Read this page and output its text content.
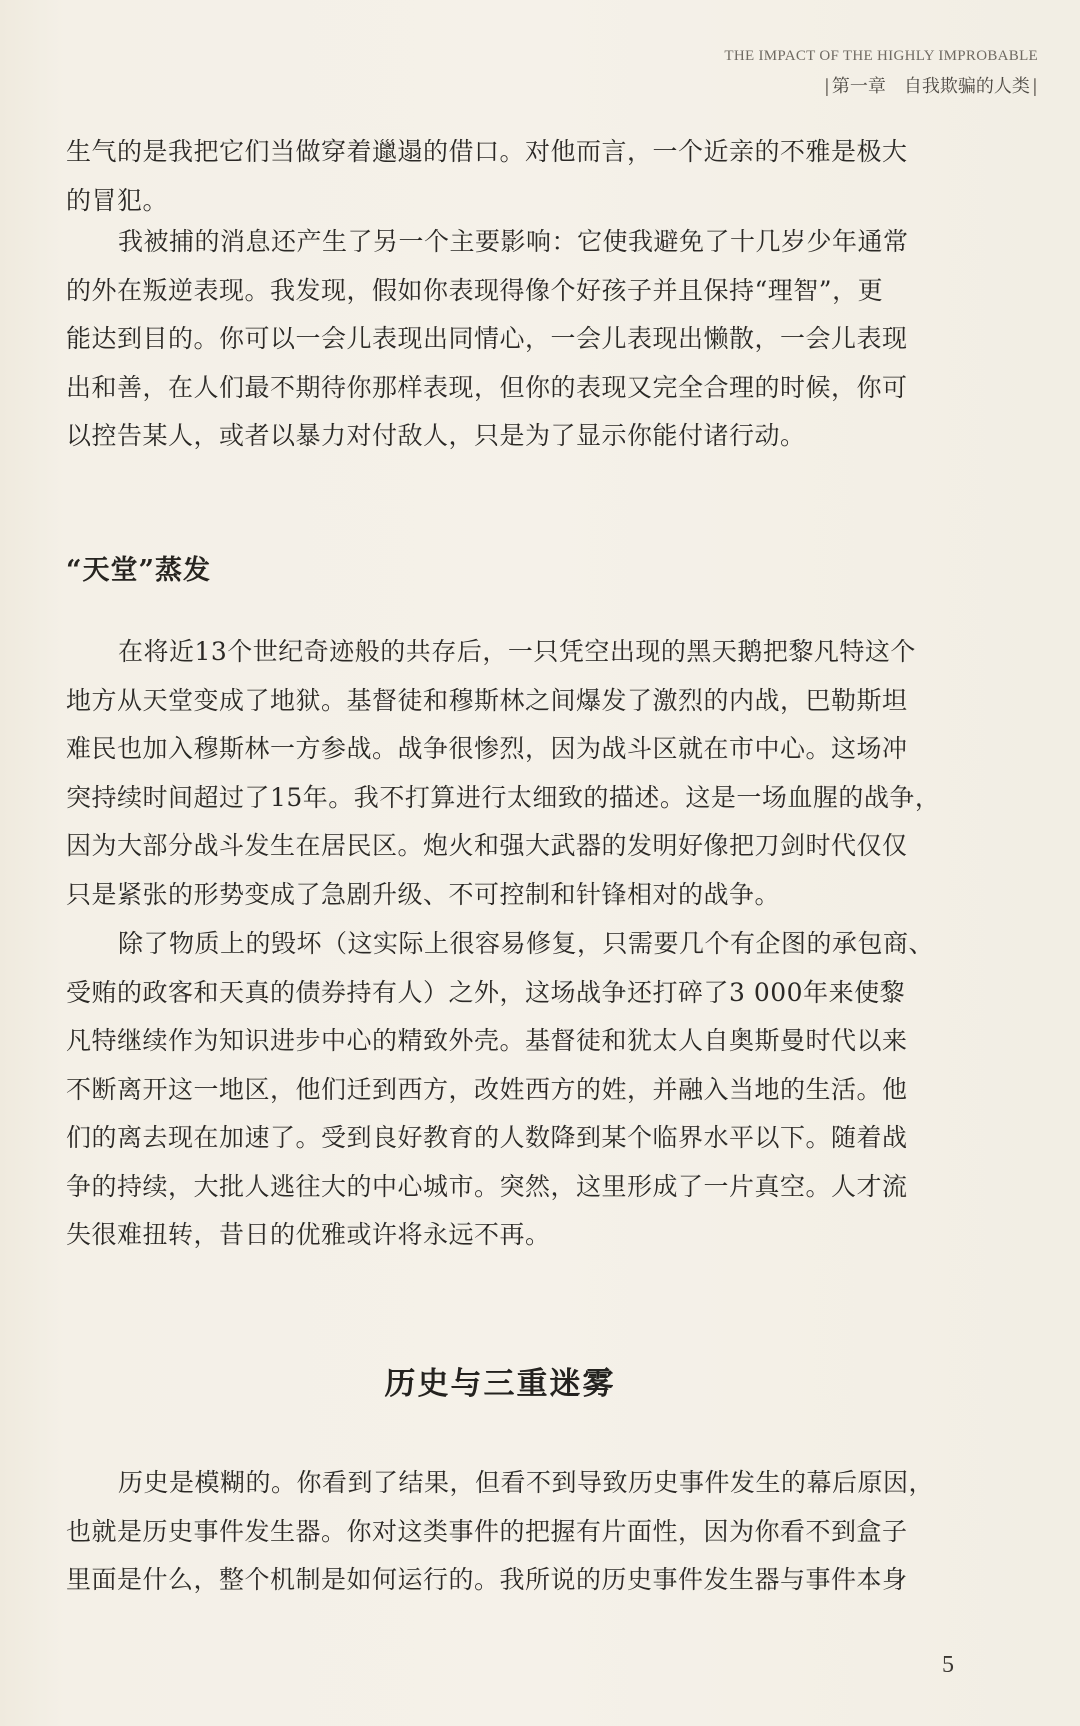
THE IMPACT OF THE HIGHLY IMPROBABLE
| 第一章 自我欺骗的人类 |
生气的是我把它们当做穿着邋遢的借口。对他而言，一个近亲的不雅是极大
的冒犯。
我被捕的消息还产生了另一个主要影响：它使我避免了十几岁少年通常
的外在叛逆表现。我发现，假如你表现得像个好孩子并且保持“理智”，更
能达到目的。你可以一会儿表现出同情心，一会儿表现出懒散，一会儿表现
出和善，在人们最不期待你那样表现，但你的表现又完全合理的时候，你可
以控告某人，或者以暴力对付敌人，只是为了显示你能付诸行动。
“天堂”蒸发
在将近13个世纪奇迹般的共存后，一只凭空出现的黑天鹅把黎凡特这个
地方从天堂变成了地狱。基督徒和穆斯林之间爆发了激烈的内战，巴勒斯坦
难民也加入穆斯林一方参战。战争很惨烈，因为战斗区就在市中心。这场冲
突持续时间超过了15年。我不打算进行太细致的描述。这是一场血腥的战争，
因为大部分战斗发生在居民区。炮火和强大武器的发明好像把刀剑时代仅仅
只是紧张的形势变成了急剧升级、不可控制和针锋相对的战争。
除了物质上的毁坏（这实际上很容易修复，只需要几个有企图的承包商、
受贿的政客和天真的债券持有人）之外，这场战争还打碎了3 000年来使黎
凡特继续作为知识进步中心的精致外壳。基督徒和犹太人自奥斯曼时代以来
不断离开这一地区，他们迁到西方，改姓西方的姓，并融入当地的生活。他
们的离去现在加速了。受到良好教育的人数降到某个临界水平以下。随着战
争的持续，大批人逃往大的中心城市。突然，这里形成了一片真空。人才流
失很难扭转，昔日的优雅或许将永远不再。
历史与三重迷雾
历史是模糊的。你看到了结果，但看不到导致历史事件发生的幕后原因，
也就是历史事件发生器。你对这类事件的把握有片面性，因为你看不到盒子
里面是什么，整个机制是如何运行的。我所说的历史事件发生器与事件本身
5
